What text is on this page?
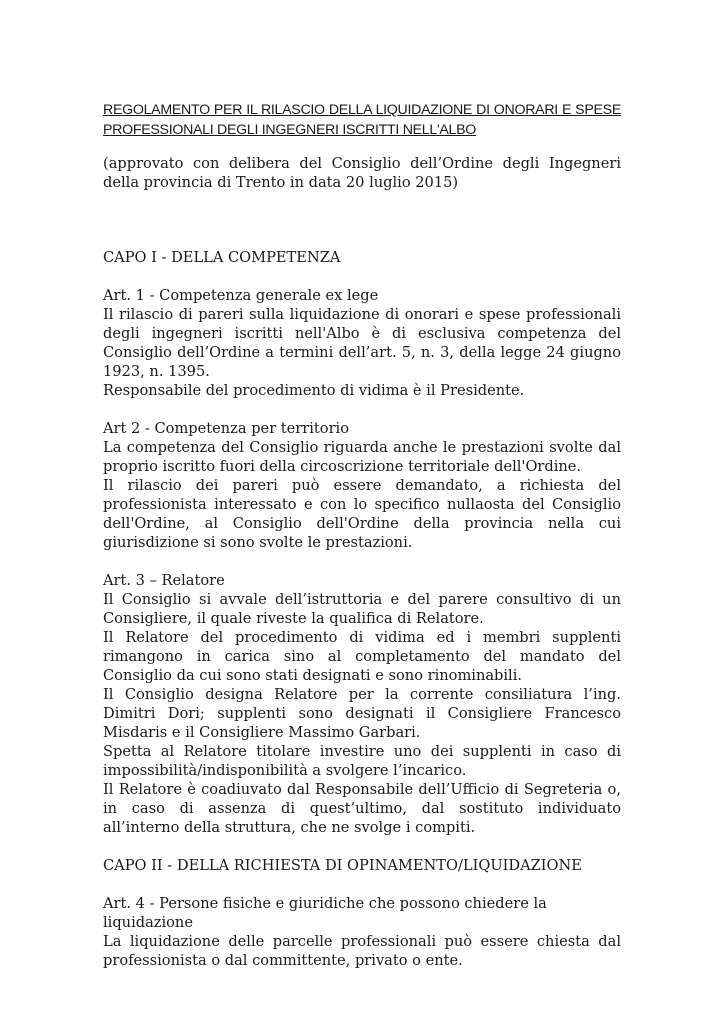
REGOLAMENTO PER IL RILASCIO DELLA LIQUIDAZIONE DI ONORARI E SPESE PROFESSIONALI DEGLI INGEGNERI ISCRITTI NELL'ALBO

(approvato con delibera del Consiglio dell’Ordine degli Ingegneri della provincia di Trento in data 20 luglio 2015)

CAPO I - DELLA COMPETENZA

Art. 1 - Competenza generale ex lege

Il rilascio di pareri sulla liquidazione di onorari e spese professionali degli ingegneri iscritti nell'Albo è di esclusiva competenza del Consiglio dell’Ordine a termini dell’art. 5, n. 3, della legge 24 giugno 1923, n. 1395.

Responsabile del procedimento di vidima è il Presidente.

Art 2 - Competenza per territorio

La competenza del Consiglio riguarda anche le prestazioni svolte dal proprio iscritto fuori della circoscrizione territoriale dell'Ordine.

Il rilascio dei pareri può essere demandato, a richiesta del professionista interessato e con lo specifico nullaosta del Consiglio dell'Ordine, al Consiglio dell'Ordine della provincia nella cui giurisdizione si sono svolte le prestazioni.

Art. 3 – Relatore

Il Consiglio si avvale dell’istruttoria e del parere consultivo di un Consigliere, il quale riveste la qualifica di Relatore.

Il Relatore del procedimento di vidima ed i membri supplenti rimangono in carica sino al completamento del mandato del Consiglio da cui sono stati designati e sono rinominabili.

Il Consiglio designa Relatore per la corrente consiliatura l’ing. Dimitri Dori; supplenti sono designati il Consigliere Francesco Misdaris e il Consigliere Massimo Garbari.

Spetta al Relatore titolare investire uno dei supplenti in caso di impossibilità/indisponibilità a svolgere l’incarico.

Il Relatore è coadiuvato dal Responsabile dell’Ufficio di Segreteria o, in caso di assenza di quest’ultimo, dal sostituto individuato all’interno della struttura, che ne svolge i compiti.

CAPO II - DELLA RICHIESTA DI OPINAMENTO/LIQUIDAZIONE

Art. 4 - Persone fisiche e giuridiche che possono chiedere la liquidazione

La liquidazione delle parcelle professionali può essere chiesta dal professionista o dal committente, privato o ente.
